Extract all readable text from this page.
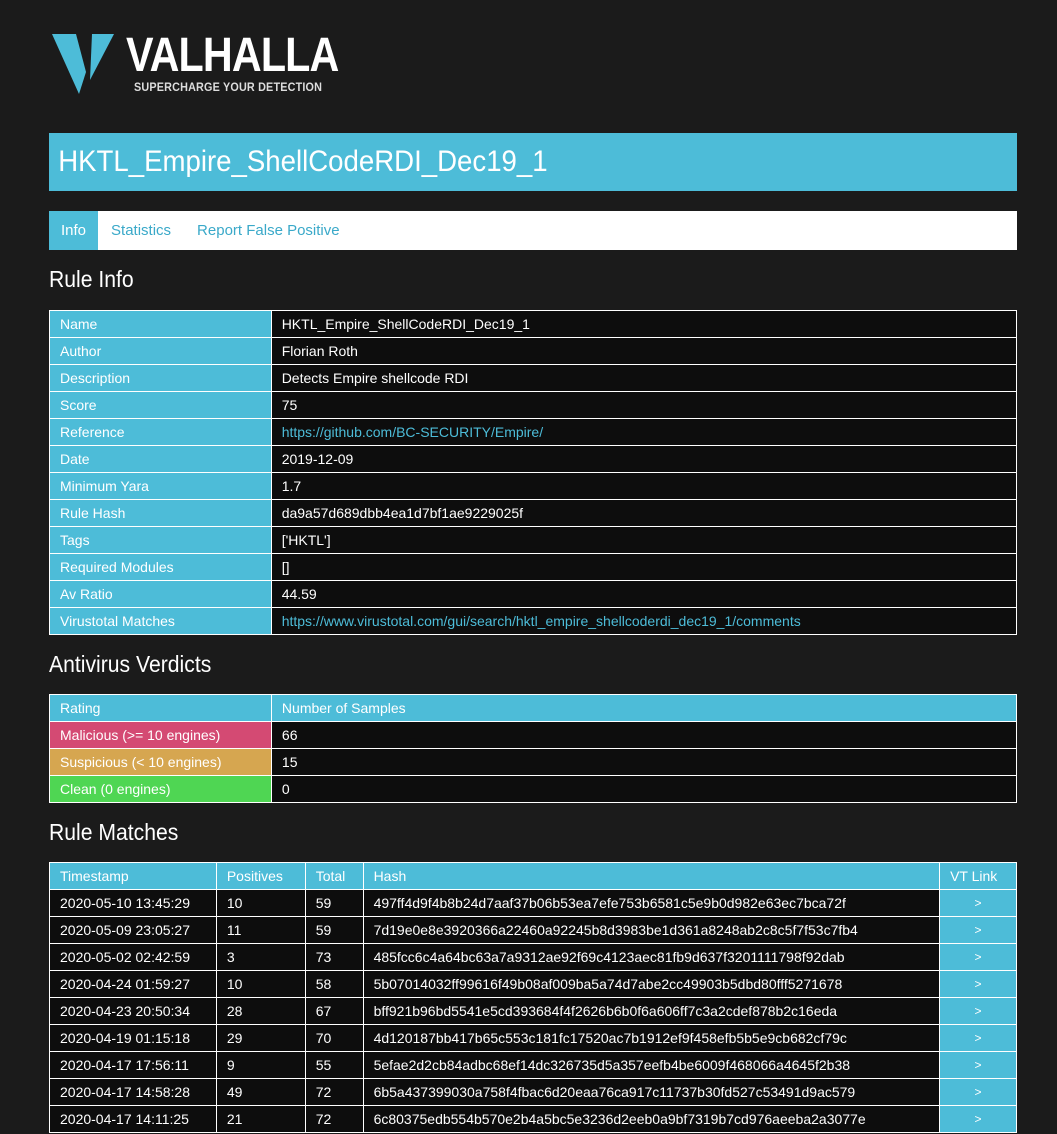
VALHALLA
SUPERCHARGE YOUR DETECTION
HKTL_Empire_ShellCodeRDI_Dec19_1
Info	Statistics	Report False Positive
Rule Info
Name	HKTL_Empire_ShellCodeRDI_Dec19_1
Author	Florian Roth
Description	Detects Empire shellcode RDI
Score	75
Reference	https://github.com/BC-SECURITY/Empire/
Date	2019-12-09
Minimum Yara	1.7
Rule Hash	da9a57d689dbb4ea1d7bf1ae9229025f
Tags	['HKTL']
Required Modules	[]
Av Ratio	44.59
Virustotal Matches	https://www.virustotal.com/gui/search/hktl_empire_shellcoderdi_dec19_1/comments
Antivirus Verdicts
Rating	Number of Samples
Malicious (>= 10 engines)	66
Suspicious (< 10 engines)	15
Clean (0 engines)	0
Rule Matches
Timestamp	Positives	Total	Hash	VT Link
2020-05-10 13:45:29	10	59	497ff4d9f4b8b24d7aaf37b06b53ea7efe753b6581c5e9b0d982e63ec7bca72f	>
2020-05-09 23:05:27	11	59	7d19e0e8e3920366a22460a92245b8d3983be1d361a8248ab2c8c5f7f53c7fb4	>
2020-05-02 02:42:59	3	73	485fcc6c4a64bc63a7a9312ae92f69c4123aec81fb9d637f3201111798f92dab	>
2020-04-24 01:59:27	10	58	5b07014032ff99616f49b08af009ba5a74d7abe2cc49903b5dbd80fff5271678	>
2020-04-23 20:50:34	28	67	bff921b96bd5541e5cd393684f4f2626b6b0f6a606ff7c3a2cdef878b2c16eda	>
2020-04-19 01:15:18	29	70	4d120187bb417b65c553c181fc17520ac7b1912ef9f458efb5b5e9cb682cf79c	>
2020-04-17 17:56:11	9	55	5efae2d2cb84adbc68ef14dc326735d5a357eefb4be6009f468066a4645f2b38	>
2020-04-17 14:58:28	49	72	6b5a437399030a758f4fbac6d20eaa76ca917c11737b30fd527c53491d9ac579	>
2020-04-17 14:11:25	21	72	6c80375edb554b570e2b4a5bc5e3236d2eeb0a9bf7319b7cd976aeeba2a3077e	>
